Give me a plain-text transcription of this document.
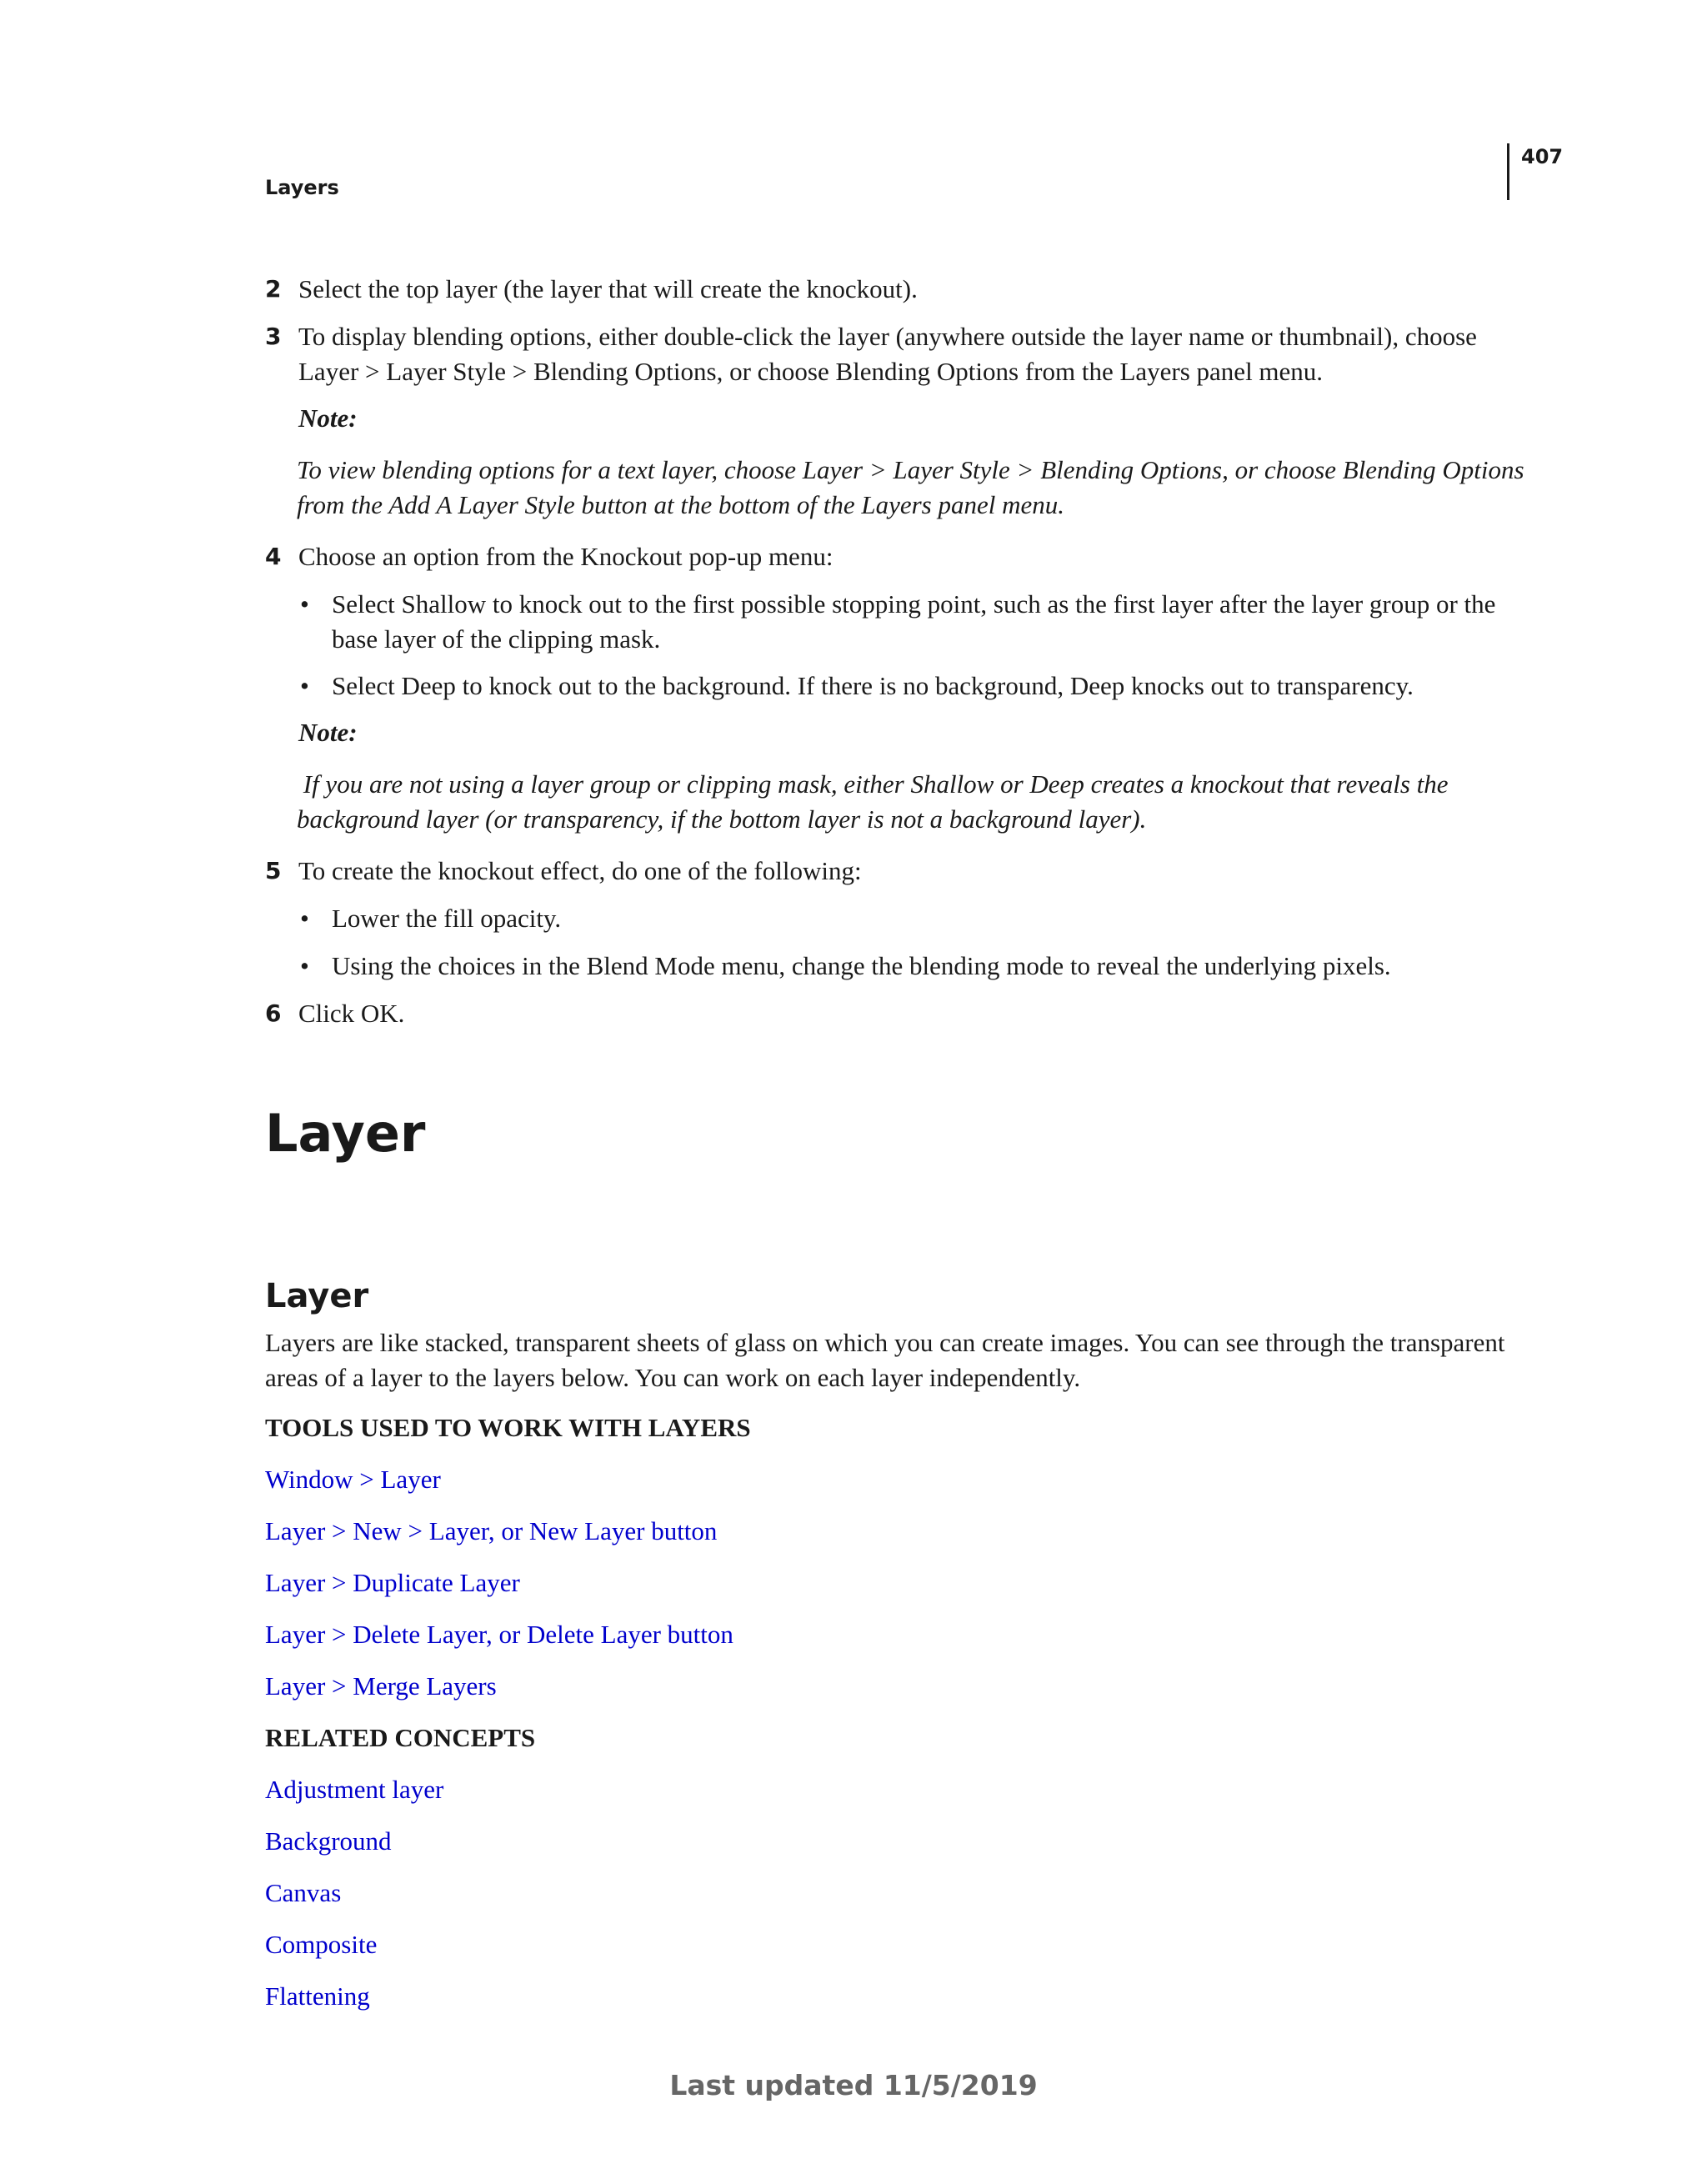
407
Layers
2 Select the top layer (the layer that will create the knockout).
3 To display blending options, either double-click the layer (anywhere outside the layer name or thumbnail), choose
Layer > Layer Style > Blending Options, or choose Blending Options from the Layers panel menu.
Note:
To view blending options for a text layer, choose Layer > Layer Style > Blending Options, or choose Blending Options
from the Add A Layer Style button at the bottom of the Layers panel menu.
4 Choose an option from the Knockout pop-up menu:
• Select Shallow to knock out to the first possible stopping point, such as the first layer after the layer group or the
base layer of the clipping mask.
• Select Deep to knock out to the background. If there is no background, Deep knocks out to transparency.
Note:
If you are not using a layer group or clipping mask, either Shallow or Deep creates a knockout that reveals the
background layer (or transparency, if the bottom layer is not a background layer).
5 To create the knockout effect, do one of the following:
• Lower the fill opacity.
• Using the choices in the Blend Mode menu, change the blending mode to reveal the underlying pixels.
6 Click OK.
Layer
Layer
Layers are like stacked, transparent sheets of glass on which you can create images. You can see through the transparent
areas of a layer to the layers below. You can work on each layer independently.
TOOLS USED TO WORK WITH LAYERS
Window > Layer
Layer > New > Layer, or New Layer button
Layer > Duplicate Layer
Layer > Delete Layer, or Delete Layer button
Layer > Merge Layers
RELATED CONCEPTS
Adjustment layer
Background
Canvas
Composite
Flattening
Last updated 11/5/2019
